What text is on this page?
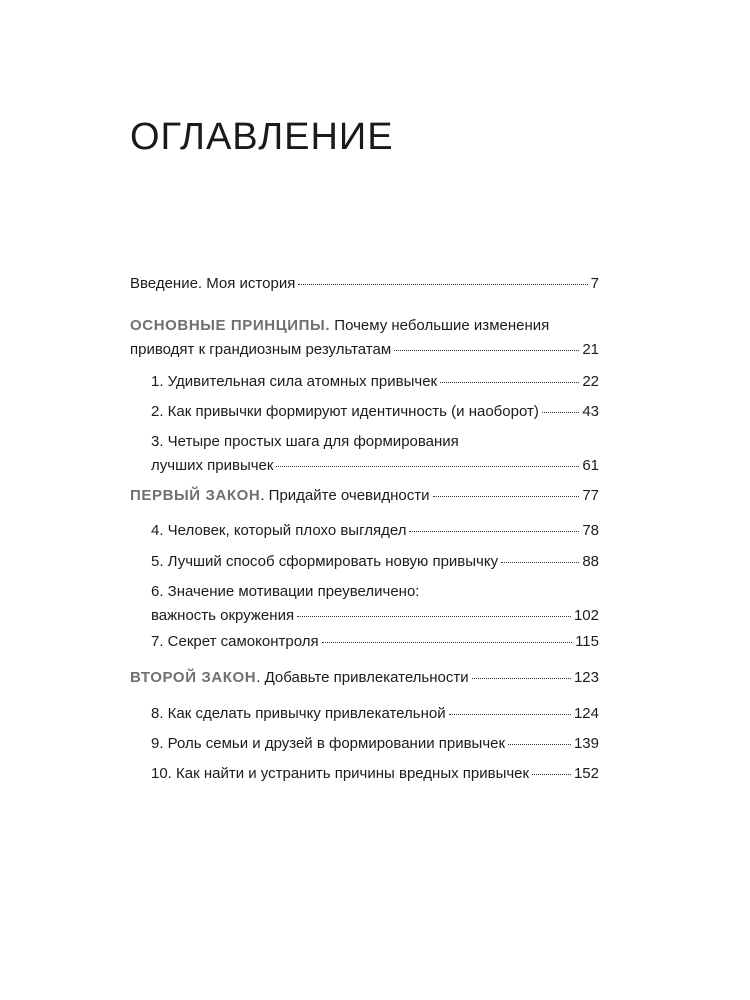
ОГЛАВЛЕНИЕ
Введение. Моя история	7
ОСНОВНЫЕ ПРИНЦИПЫ. Почему небольшие изменения
приводят к грандиозным результатам	21
1. Удивительная сила атомных привычек	22
2. Как привычки формируют идентичность (и наоборот)	43
3. Четыре простых шага для формирования
лучших привычек	61
ПЕРВЫЙ ЗАКОН. Придайте очевидности	77
4. Человек, который плохо выглядел	78
5. Лучший способ сформировать новую привычку	88
6. Значение мотивации преувеличено:
важность окружения	102
7. Секрет самоконтроля	115
ВТОРОЙ ЗАКОН. Добавьте привлекательности	123
8. Как сделать привычку привлекательной	124
9. Роль семьи и друзей в формировании привычек	139
10. Как найти и устранить причины вредных привычек	152
